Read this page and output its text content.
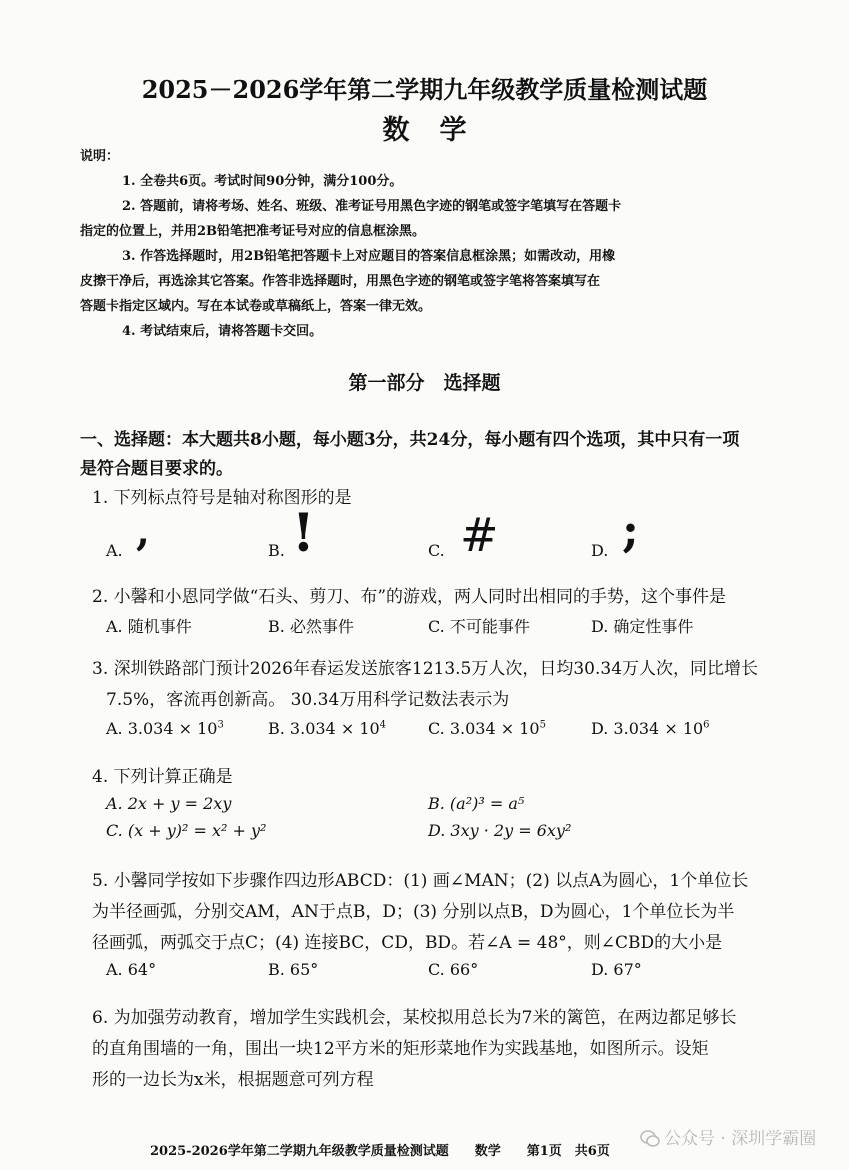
2025－2026学年第二学期九年级教学质量检测试题
数学
说明：
1. 全卷共6页。考试时间90分钟，满分100分。
2. 答题前，请将考场、姓名、班级、准考证号用黑色字迹的钢笔或签字笔填写在答题卡
指定的位置上，并用2B铅笔把准考证号对应的信息框涂黑。
3. 作答选择题时，用2B铅笔把答题卡上对应题目的答案信息框涂黑；如需改动，用橡
皮擦干净后，再选涂其它答案。作答非选择题时，用黑色字迹的钢笔或签字笔将答案填写在
答题卡指定区域内。写在本试卷或草稿纸上，答案一律无效。
4. 考试结束后，请将答题卡交回。
第一部分　选择题
一、选择题：本大题共8小题，每小题3分，共24分，每小题有四个选项，其中只有一项
是符合题目要求的。
1. 下列标点符号是轴对称图形的是
A. ,	B. !	C. #	D. ;
2. 小馨和小恩同学做“石头、剪刀、布”的游戏，两人同时出相同的手势，这个事件是
A. 随机事件	B. 必然事件	C. 不可能事件	D. 确定性事件
3. 深圳铁路部门预计2026年春运发送旅客1213.5万人次，日均30.34万人次，同比增长
7.5%，客流再创新高。 30.34万用科学记数法表示为
A. $3.034 \times 10^3$	B. $3.034 \times 10^4$	C. $3.034 \times 10^5$	D. $3.034 \times 10^6$
4. 下列计算正确是
A. 2x + y = 2xy	B. (a²)³ = a⁵
C. (x + y)² = x² + y²	D. 3xy · 2y = 6xy²
5. 小馨同学按如下步骤作四边形ABCD：(1) 画∠MAN；(2) 以点A为圆心，1个单位长
为半径画弧，分别交AM，AN于点B，D；(3) 分别以点B，D为圆心，1个单位长为半
径画弧，两弧交于点C；(4) 连接BC，CD，BD。若∠A = 48°，则∠CBD的大小是
A. 64°	B. 65°	C. 66°	D. 67°
6. 为加强劳动教育，增加学生实践机会，某校拟用总长为7米的篱笆，在两边都足够长
的直角围墙的一角，围出一块12平方米的矩形菜地作为实践基地，如图所示。设矩
形的一边长为x米，根据题意可列方程
公众号 · 深圳学霸圈
2025-2026学年第二学期九年级教学质量检测试题　　数学　　第1页　共6页
